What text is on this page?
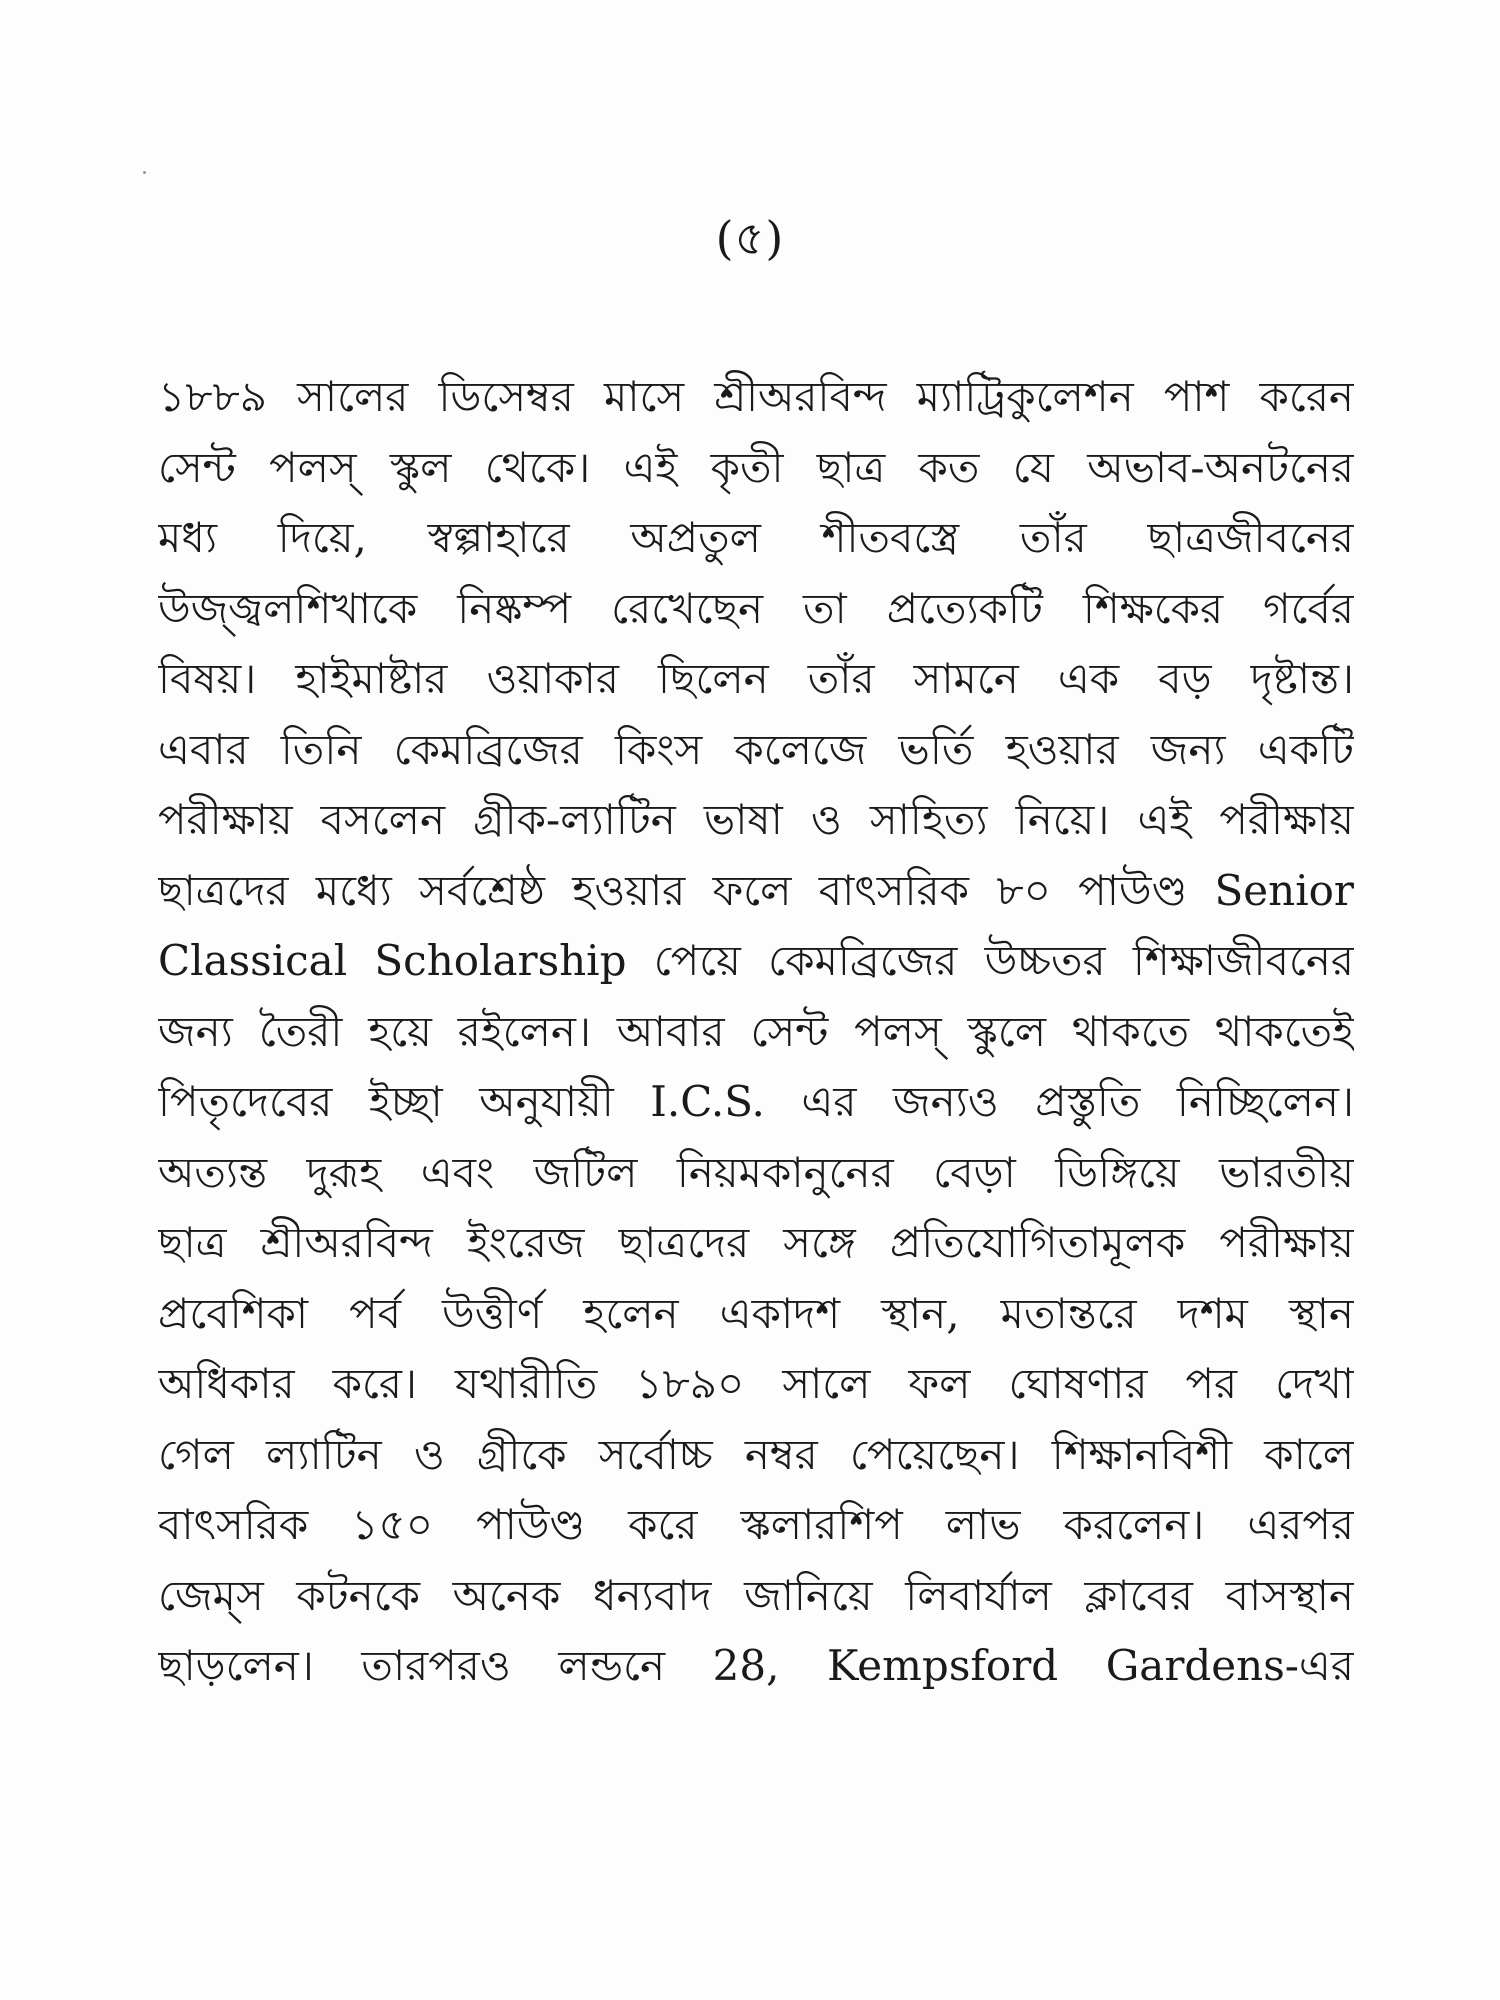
(৫)
১৮৮৯ সালের ডিসেম্বর মাসে শ্রীঅরবিন্দ ম্যাট্রিকুলেশন পাশ করেন
সেন্ট পলস্ স্কুল থেকে। এই কৃতী ছাত্র কত যে অভাব-অনটনের
মধ্য দিয়ে, স্বল্পাহারে অপ্রতুল শীতবস্ত্রে তাঁর ছাত্রজীবনের
উজ্জ্বলশিখাকে নিষ্কম্প রেখেছেন তা প্রত্যেকটি শিক্ষকের গর্বের
বিষয়। হাইমাষ্টার ওয়াকার ছিলেন তাঁর সামনে এক বড় দৃষ্টান্ত।
এবার তিনি কেমব্রিজের কিংস কলেজে ভর্তি হওয়ার জন্য একটি
পরীক্ষায় বসলেন গ্রীক-ল্যাটিন ভাষা ও সাহিত্য নিয়ে। এই পরীক্ষায়
ছাত্রদের মধ্যে সর্বশ্রেষ্ঠ হওয়ার ফলে বাৎসরিক ৮০ পাউণ্ড Senior
Classical Scholarship পেয়ে কেমব্রিজের উচ্চতর শিক্ষাজীবনের
জন্য তৈরী হয়ে রইলেন। আবার সেন্ট পলস্ স্কুলে থাকতে থাকতেই
পিতৃদেবের ইচ্ছা অনুযায়ী I.C.S. এর জন্যও প্রস্তুতি নিচ্ছিলেন।
অত্যন্ত দুরূহ এবং জটিল নিয়মকানুনের বেড়া ডিঙ্গিয়ে ভারতীয়
ছাত্র শ্রীঅরবিন্দ ইংরেজ ছাত্রদের সঙ্গে প্রতিযোগিতামূলক পরীক্ষায়
প্রবেশিকা পর্ব উত্তীর্ণ হলেন একাদশ স্থান, মতান্তরে দশম স্থান
অধিকার করে। যথারীতি ১৮৯০ সালে ফল ঘোষণার পর দেখা
গেল ল্যাটিন ও গ্রীকে সর্বোচ্চ নম্বর পেয়েছেন। শিক্ষানবিশী কালে
বাৎসরিক ১৫০ পাউণ্ড করে স্কলারশিপ লাভ করলেন। এরপর
জেম্স কটনকে অনেক ধন্যবাদ জানিয়ে লিবার্যাল ক্লাবের বাসস্থান
ছাড়লেন। তারপরও লন্ডনে 28, Kempsford Gardens-এর
